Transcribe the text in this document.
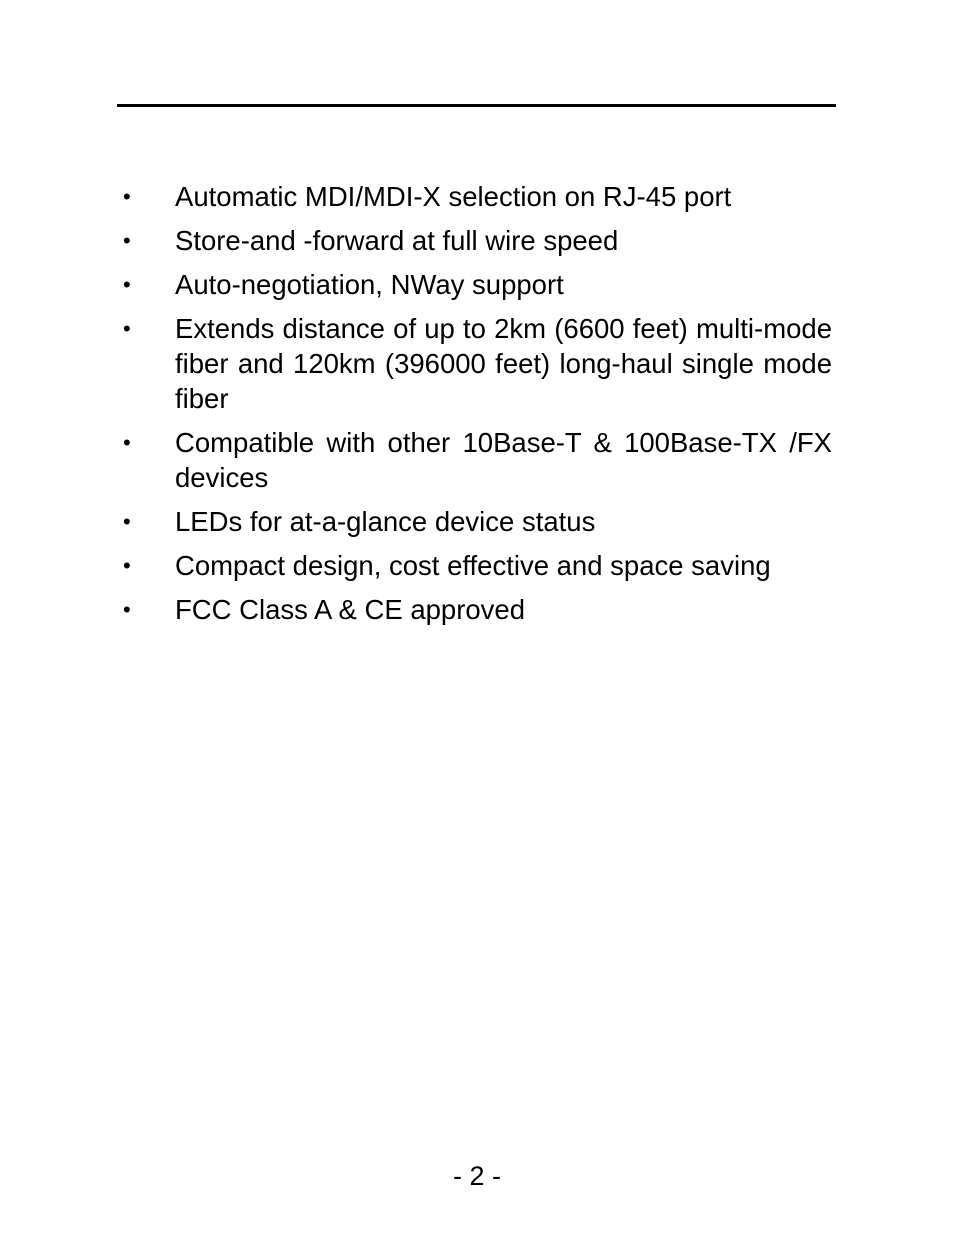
•	Automatic MDI/MDI-X selection on RJ-45 port
•	Store-and -forward at full wire speed
•	Auto-negotiation, NWay support
•	Extends distance of up to 2km (6600 feet) multi-mode fiber and 120km (396000 feet) long-haul single mode fiber
•	Compatible with other 10Base-T & 100Base-TX /FX devices
•	LEDs for at-a-glance device status
•	Compact design, cost effective and space saving
•	FCC Class A & CE approved
- 2 -
